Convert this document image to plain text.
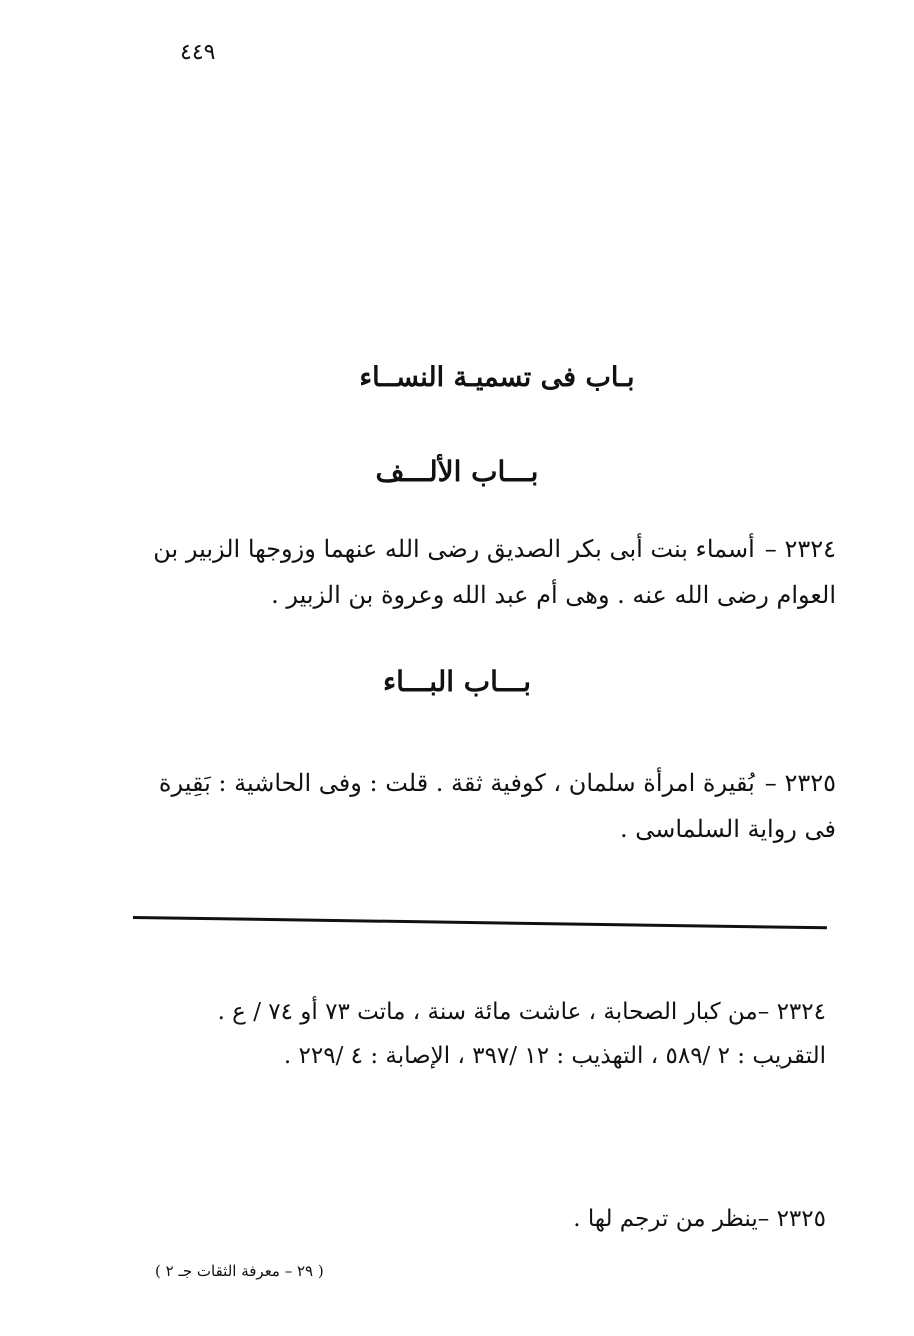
٤٤٩
بـاب فى تسميـة النســاء
بـــاب الألـــف
٢٣٢٤ –أسماء بنت أبى بكر الصديق رضى الله عنهما وزوجها الزبير بن العوام رضى الله عنه . وهى أم عبد الله وعروة بن الزبير .
بـــاب البـــاء
٢٣٢٥ –بُقيرة امرأة سلمان ، كوفية ثقة . قلت : وفى الحاشية : بَقِيرة فى رواية السلماسى .
٢٣٢٤ –من كبار الصحابة ، عاشت مائة سنة ، ماتت ٧٣ أو ٧٤ / ع .
التقريب : ٢ /٥٨٩ ، التهذيب : ١٢ /٣٩٧ ، الإصابة : ٤ /٢٢٩ .
٢٣٢٥ –ينظر من ترجم لها .
( ٢٩ – معرفة الثقات جـ ٢ )
